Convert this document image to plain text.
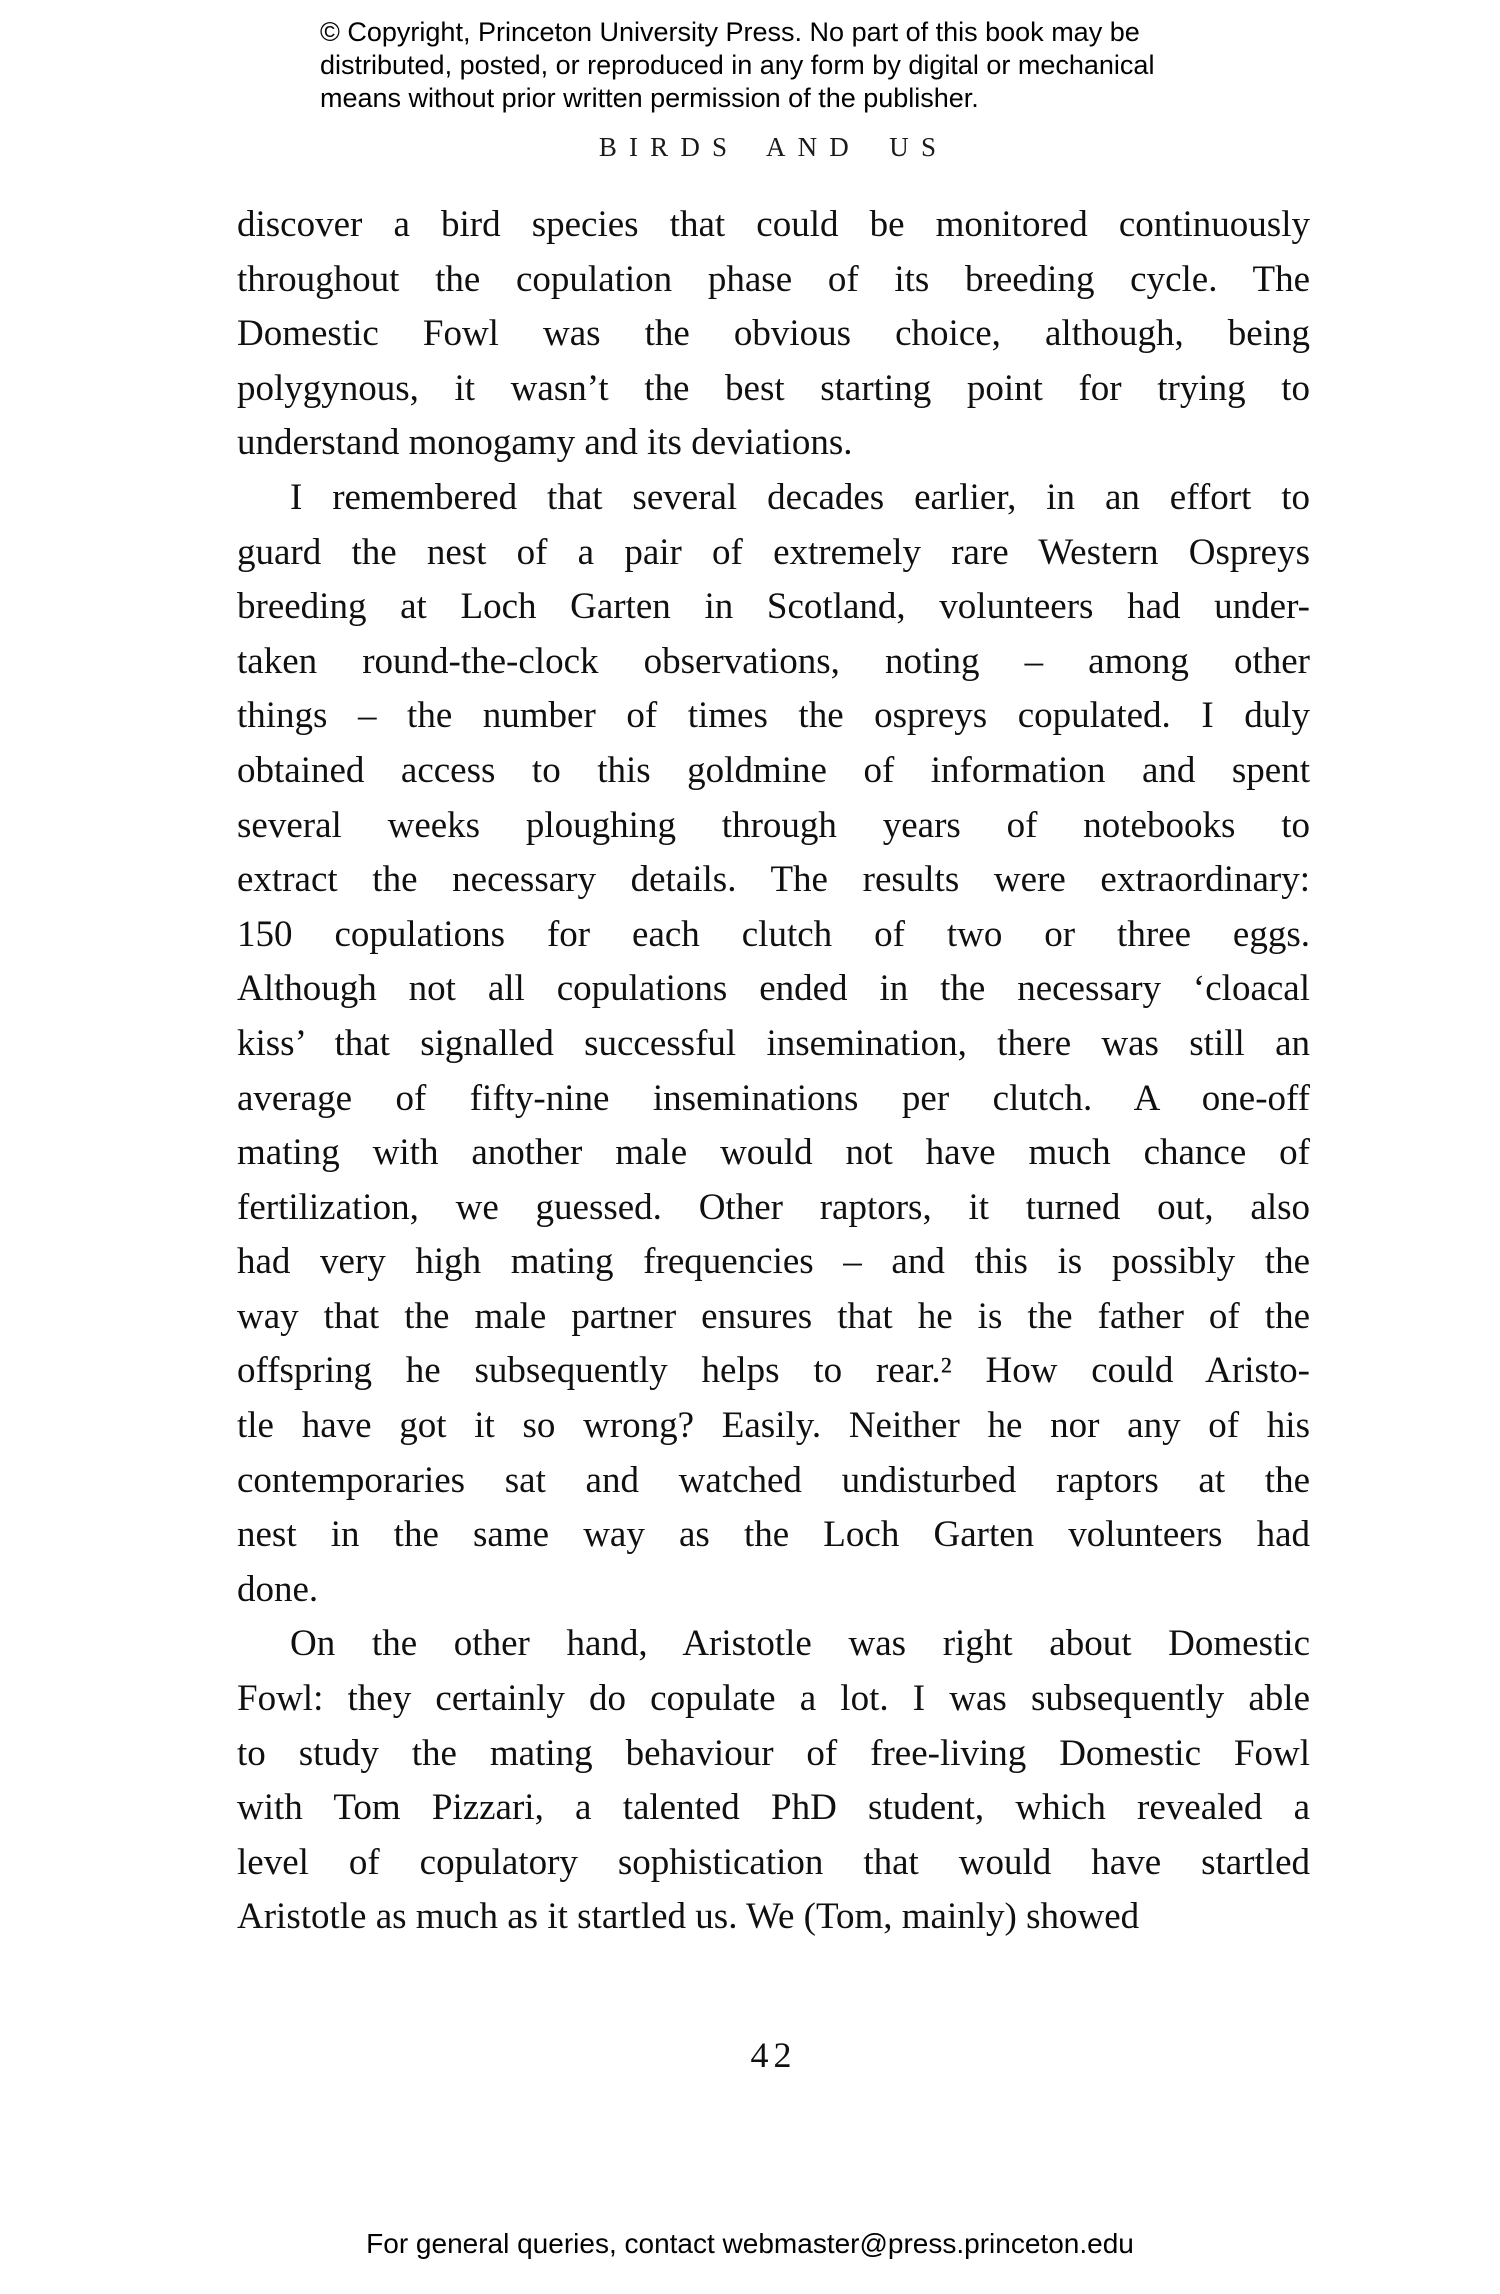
© Copyright, Princeton University Press. No part of this book may be
distributed, posted, or reproduced in any form by digital or mechanical
means without prior written permission of the publisher.
BIRDS AND US
discover a bird species that could be monitored continuously
throughout the copulation phase of its breeding cycle. The
Domestic Fowl was the obvious choice, although, being
polygynous, it wasn’t the best starting point for trying to
understand monogamy and its deviations.
I remembered that several decades earlier, in an effort to
guard the nest of a pair of extremely rare Western Ospreys
breeding at Loch Garten in Scotland, volunteers had under-
taken round-the-clock observations, noting – among other
things – the number of times the ospreys copulated. I duly
obtained access to this goldmine of information and spent
several weeks ploughing through years of notebooks to
extract the necessary details. The results were extraordinary:
150 copulations for each clutch of two or three eggs.
Although not all copulations ended in the necessary ‘cloacal
kiss’ that signalled successful insemination, there was still an
average of fifty-nine inseminations per clutch. A one-off
mating with another male would not have much chance of
fertilization, we guessed. Other raptors, it turned out, also
had very high mating frequencies – and this is possibly the
way that the male partner ensures that he is the father of the
offspring he subsequently helps to rear.² How could Aristo-
tle have got it so wrong? Easily. Neither he nor any of his
contemporaries sat and watched undisturbed raptors at the
nest in the same way as the Loch Garten volunteers had
done.
On the other hand, Aristotle was right about Domestic
Fowl: they certainly do copulate a lot. I was subsequently able
to study the mating behaviour of free-living Domestic Fowl
with Tom Pizzari, a talented PhD student, which revealed a
level of copulatory sophistication that would have startled
Aristotle as much as it startled us. We (Tom, mainly) showed
42
For general queries, contact webmaster@press.princeton.edu
